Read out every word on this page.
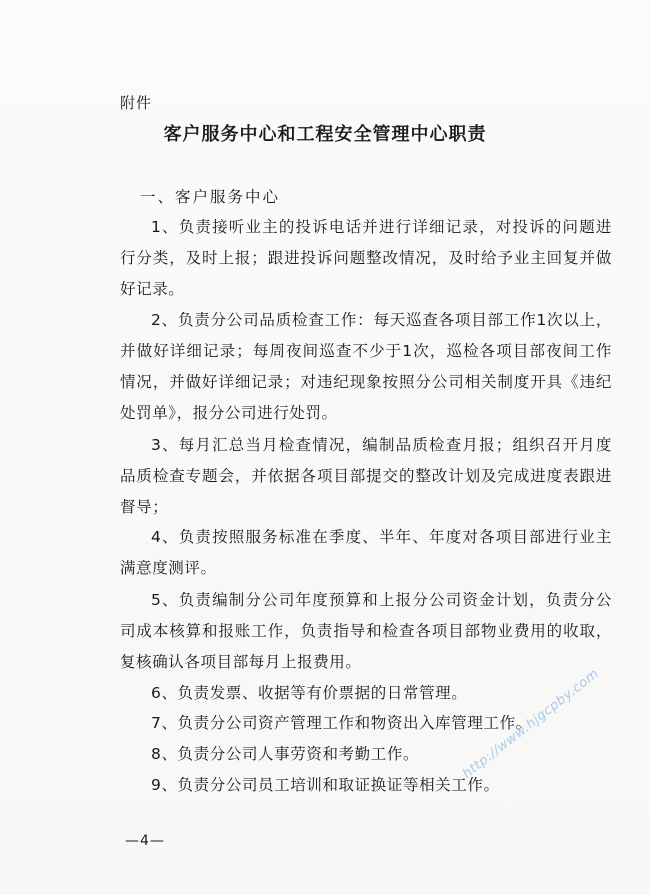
附件
客户服务中心和工程安全管理中心职责
一、客户服务中心

1、负责接听业主的投诉电话并进行详细记录，对投诉的问题进行分类，及时上报；跟进投诉问题整改情况，及时给予业主回复并做好记录。

2、负责分公司品质检查工作：每天巡查各项目部工作1次以上，并做好详细记录；每周夜间巡查不少于1次，巡检各项目部夜间工作情况，并做好详细记录；对违纪现象按照分公司相关制度开具《违纪处罚单》，报分公司进行处罚。

3、每月汇总当月检查情况，编制品质检查月报；组织召开月度品质检查专题会，并依据各项目部提交的整改计划及完成进度表跟进督导；

4、负责按照服务标准在季度、半年、年度对各项目部进行业主满意度测评。

5、负责编制分公司年度预算和上报分公司资金计划，负责分公司成本核算和报账工作，负责指导和检查各项目部物业费用的收取，复核确认各项目部每月上报费用。

6、负责发票、收据等有价票据的日常管理。

7、负责分公司资产管理工作和物资出入库管理工作。

8、负责分公司人事劳资和考勤工作。

9、负责分公司员工培训和取证换证等相关工作。

—4—
http://www.hjgcpby.com
